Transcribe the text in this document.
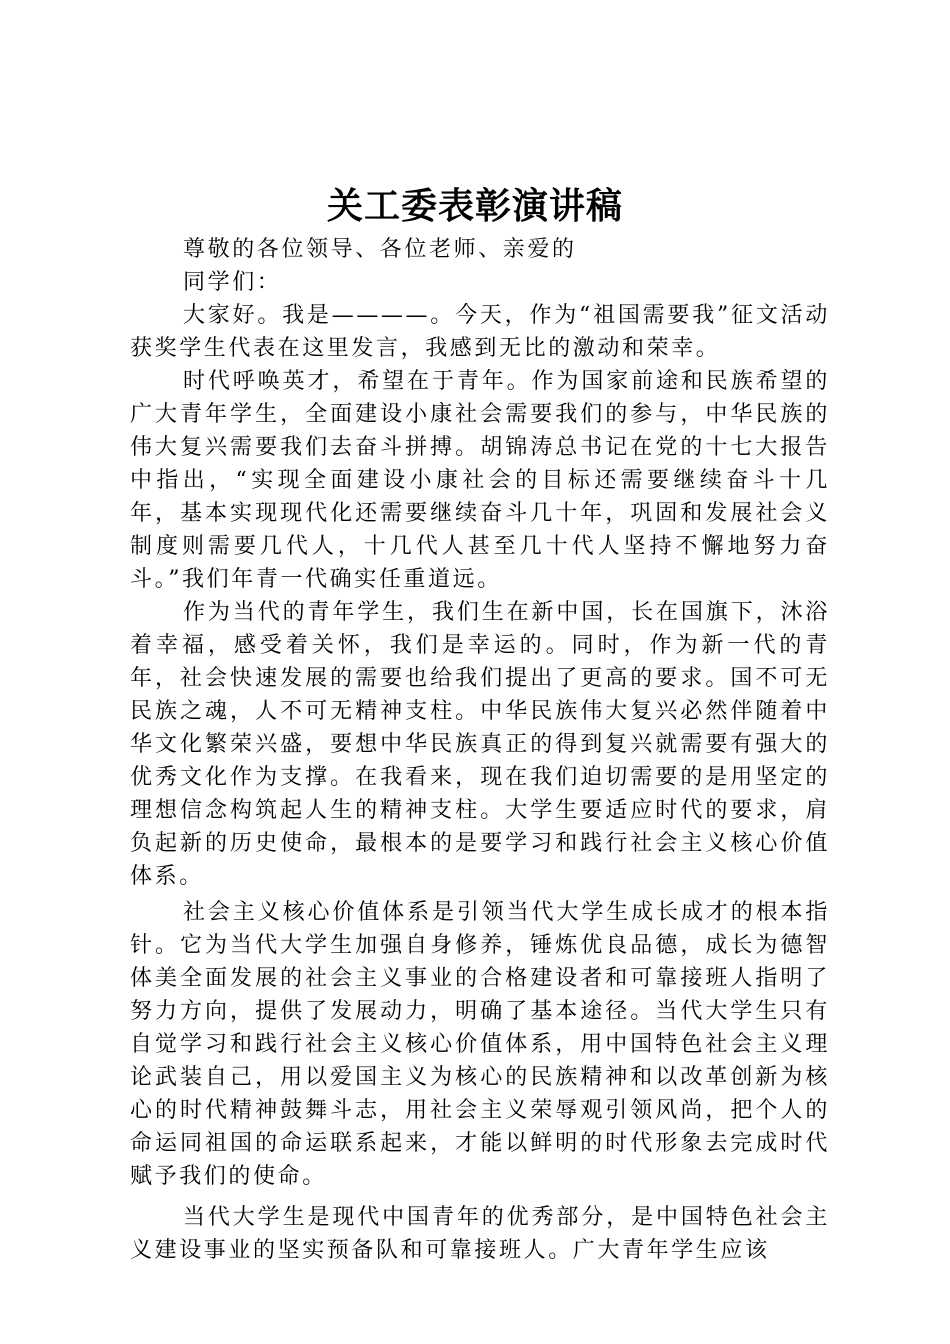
关工委表彰演讲稿

尊敬的各位领导、各位老师、亲爱的

同学们：

大家好。我是————。今天，作为“祖国需要我”征文活动获奖学生代表在这里发言，我感到无比的激动和荣幸。

时代呼唤英才，希望在于青年。作为国家前途和民族希望的广大青年学生，全面建设小康社会需要我们的参与，中华民族的伟大复兴需要我们去奋斗拼搏。胡锦涛总书记在党的十七大报告中指出，“实现全面建设小康社会的目标还需要继续奋斗十几年，基本实现现代化还需要继续奋斗几十年，巩固和发展社会义制度则需要几代人，十几代人甚至几十代人坚持不懈地努力奋斗。”我们年青一代确实任重道远。

作为当代的青年学生，我们生在新中国，长在国旗下，沐浴着幸福，感受着关怀，我们是幸运的。同时，作为新一代的青年，社会快速发展的需要也给我们提出了更高的要求。国不可无民族之魂，人不可无精神支柱。中华民族伟大复兴必然伴随着中华文化繁荣兴盛，要想中华民族真正的得到复兴就需要有强大的优秀文化作为支撑。在我看来，现在我们迫切需要的是用坚定的理想信念构筑起人生的精神支柱。大学生要适应时代的要求，肩负起新的历史使命，最根本的是要学习和践行社会主义核心价值体系。

社会主义核心价值体系是引领当代大学生成长成才的根本指针。它为当代大学生加强自身修养，锤炼优良品德，成长为德智体美全面发展的社会主义事业的合格建设者和可靠接班人指明了努力方向，提供了发展动力，明确了基本途径。当代大学生只有自觉学习和践行社会主义核心价值体系，用中国特色社会主义理论武装自己，用以爱国主义为核心的民族精神和以改革创新为核心的时代精神鼓舞斗志，用社会主义荣辱观引领风尚，把个人的命运同祖国的命运联系起来，才能以鲜明的时代形象去完成时代赋予我们的使命。

当代大学生是现代中国青年的优秀部分，是中国特色社会主义建设事业的坚实预备队和可靠接班人。广大青年学生应该
